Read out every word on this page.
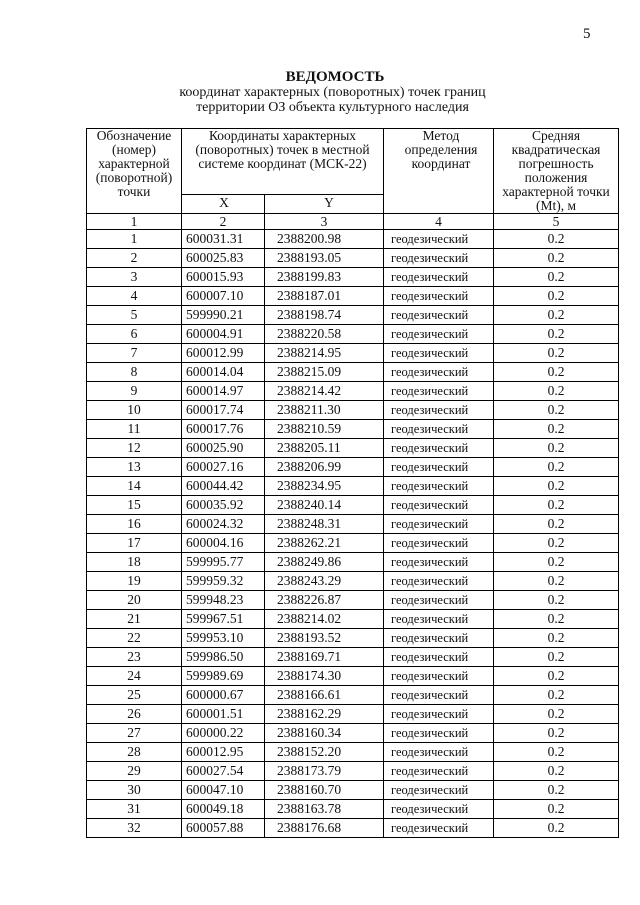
5
ВЕДОМОСТЬ
координат характерных (поворотных) точек границ
территории ОЗ объекта культурного наследия
Обозначение (номер) характерной (поворотной) точки	Координаты характерных (поворотных) точек в местной системе координат (МСК-22)		Метод определения координат	Средняя квадратическая погрешность положения характерной точки (Mt), м
	X	Y		
1	2	3	4	5
1	600031.31	2388200.98	геодезический	0.2
2	600025.83	2388193.05	геодезический	0.2
3	600015.93	2388199.83	геодезический	0.2
4	600007.10	2388187.01	геодезический	0.2
5	599990.21	2388198.74	геодезический	0.2
6	600004.91	2388220.58	геодезический	0.2
7	600012.99	2388214.95	геодезический	0.2
8	600014.04	2388215.09	геодезический	0.2
9	600014.97	2388214.42	геодезический	0.2
10	600017.74	2388211.30	геодезический	0.2
11	600017.76	2388210.59	геодезический	0.2
12	600025.90	2388205.11	геодезический	0.2
13	600027.16	2388206.99	геодезический	0.2
14	600044.42	2388234.95	геодезический	0.2
15	600035.92	2388240.14	геодезический	0.2
16	600024.32	2388248.31	геодезический	0.2
17	600004.16	2388262.21	геодезический	0.2
18	599995.77	2388249.86	геодезический	0.2
19	599959.32	2388243.29	геодезический	0.2
20	599948.23	2388226.87	геодезический	0.2
21	599967.51	2388214.02	геодезический	0.2
22	599953.10	2388193.52	геодезический	0.2
23	599986.50	2388169.71	геодезический	0.2
24	599989.69	2388174.30	геодезический	0.2
25	600000.67	2388166.61	геодезический	0.2
26	600001.51	2388162.29	геодезический	0.2
27	600000.22	2388160.34	геодезический	0.2
28	600012.95	2388152.20	геодезический	0.2
29	600027.54	2388173.79	геодезический	0.2
30	600047.10	2388160.70	геодезический	0.2
31	600049.18	2388163.78	геодезический	0.2
32	600057.88	2388176.68	геодезический	0.2
